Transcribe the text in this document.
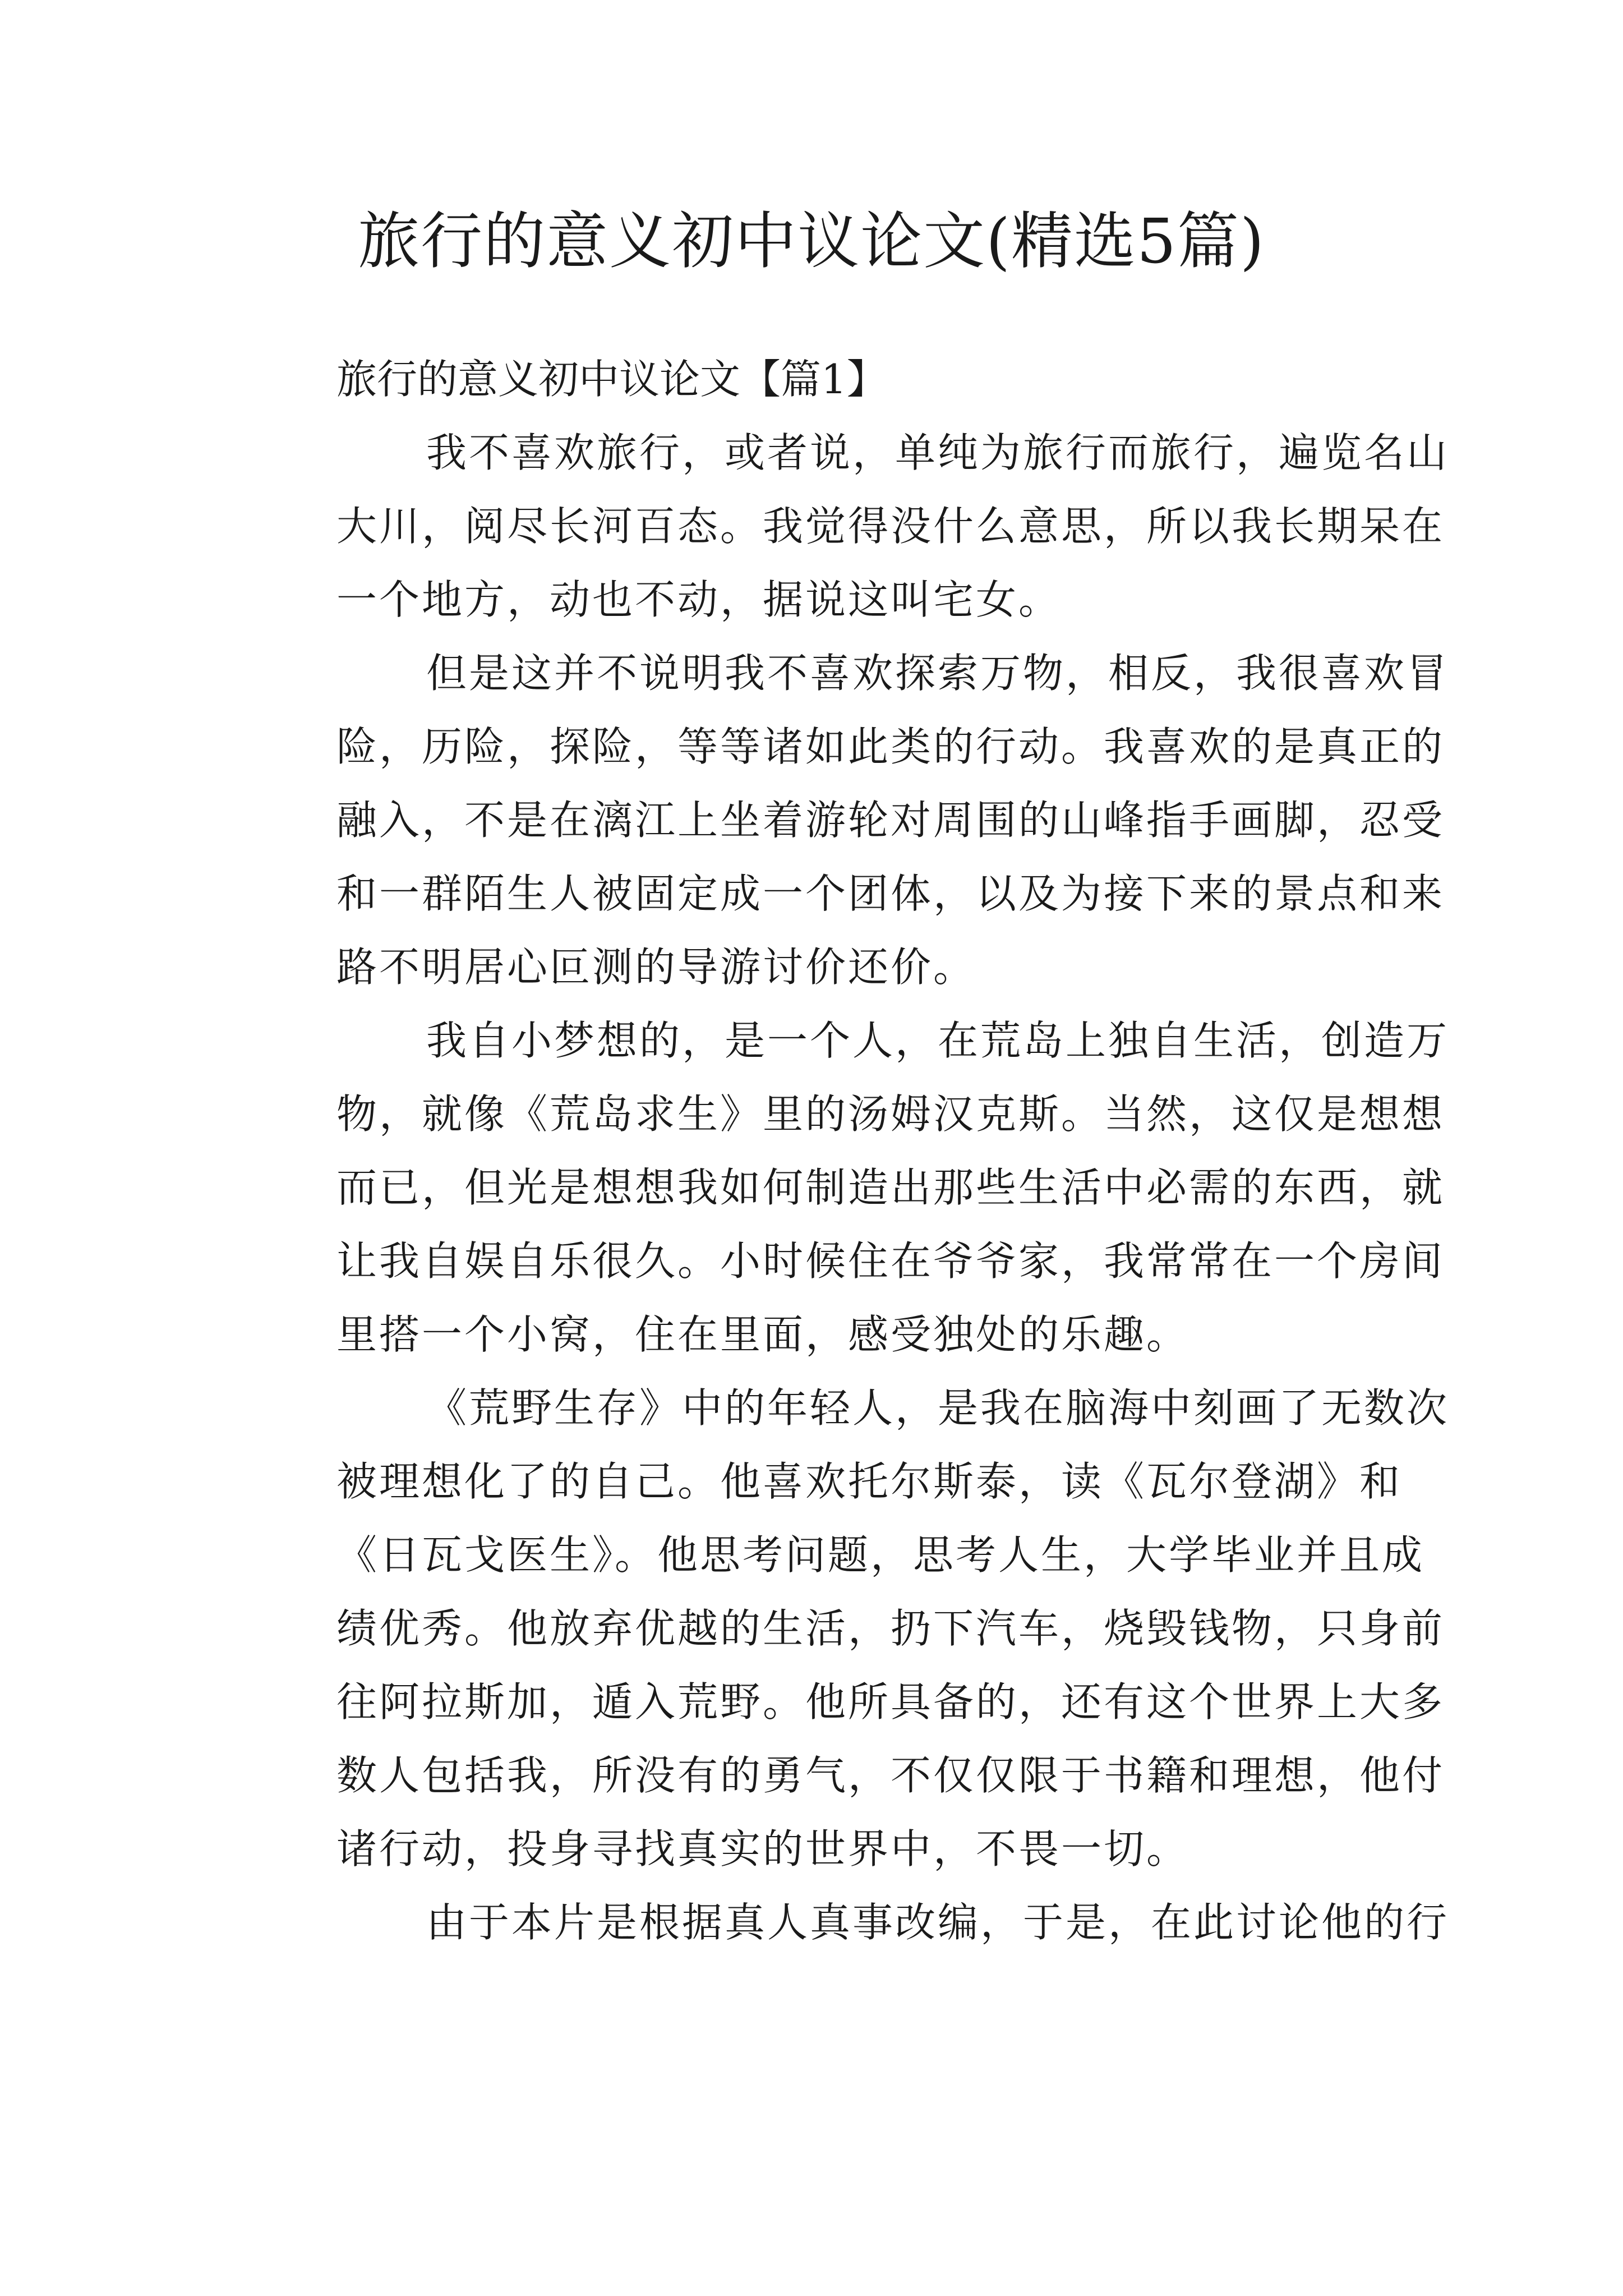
旅行的意义初中议论文(精选5篇)

旅行的意义初中议论文【篇1】

我不喜欢旅行，或者说，单纯为旅行而旅行，遍览名山
大川，阅尽长河百态。我觉得没什么意思，所以我长期呆在
一个地方，动也不动，据说这叫宅女。
但是这并不说明我不喜欢探索万物，相反，我很喜欢冒
险，历险，探险，等等诸如此类的行动。我喜欢的是真正的
融入，不是在漓江上坐着游轮对周围的山峰指手画脚，忍受
和一群陌生人被固定成一个团体，以及为接下来的景点和来
路不明居心叵测的导游讨价还价。
我自小梦想的，是一个人，在荒岛上独自生活，创造万
物，就像《荒岛求生》里的汤姆汉克斯。当然，这仅是想想
而已，但光是想想我如何制造出那些生活中必需的东西，就
让我自娱自乐很久。小时候住在爷爷家，我常常在一个房间
里搭一个小窝，住在里面，感受独处的乐趣。
《荒野生存》中的年轻人，是我在脑海中刻画了无数次
被理想化了的自己。他喜欢托尔斯泰，读《瓦尔登湖》和
《日瓦戈医生》。他思考问题，思考人生，大学毕业并且成
绩优秀。他放弃优越的生活，扔下汽车，烧毁钱物，只身前
往阿拉斯加，遁入荒野。他所具备的，还有这个世界上大多
数人包括我，所没有的勇气，不仅仅限于书籍和理想，他付
诸行动，投身寻找真实的世界中，不畏一切。
由于本片是根据真人真事改编，于是，在此讨论他的行
